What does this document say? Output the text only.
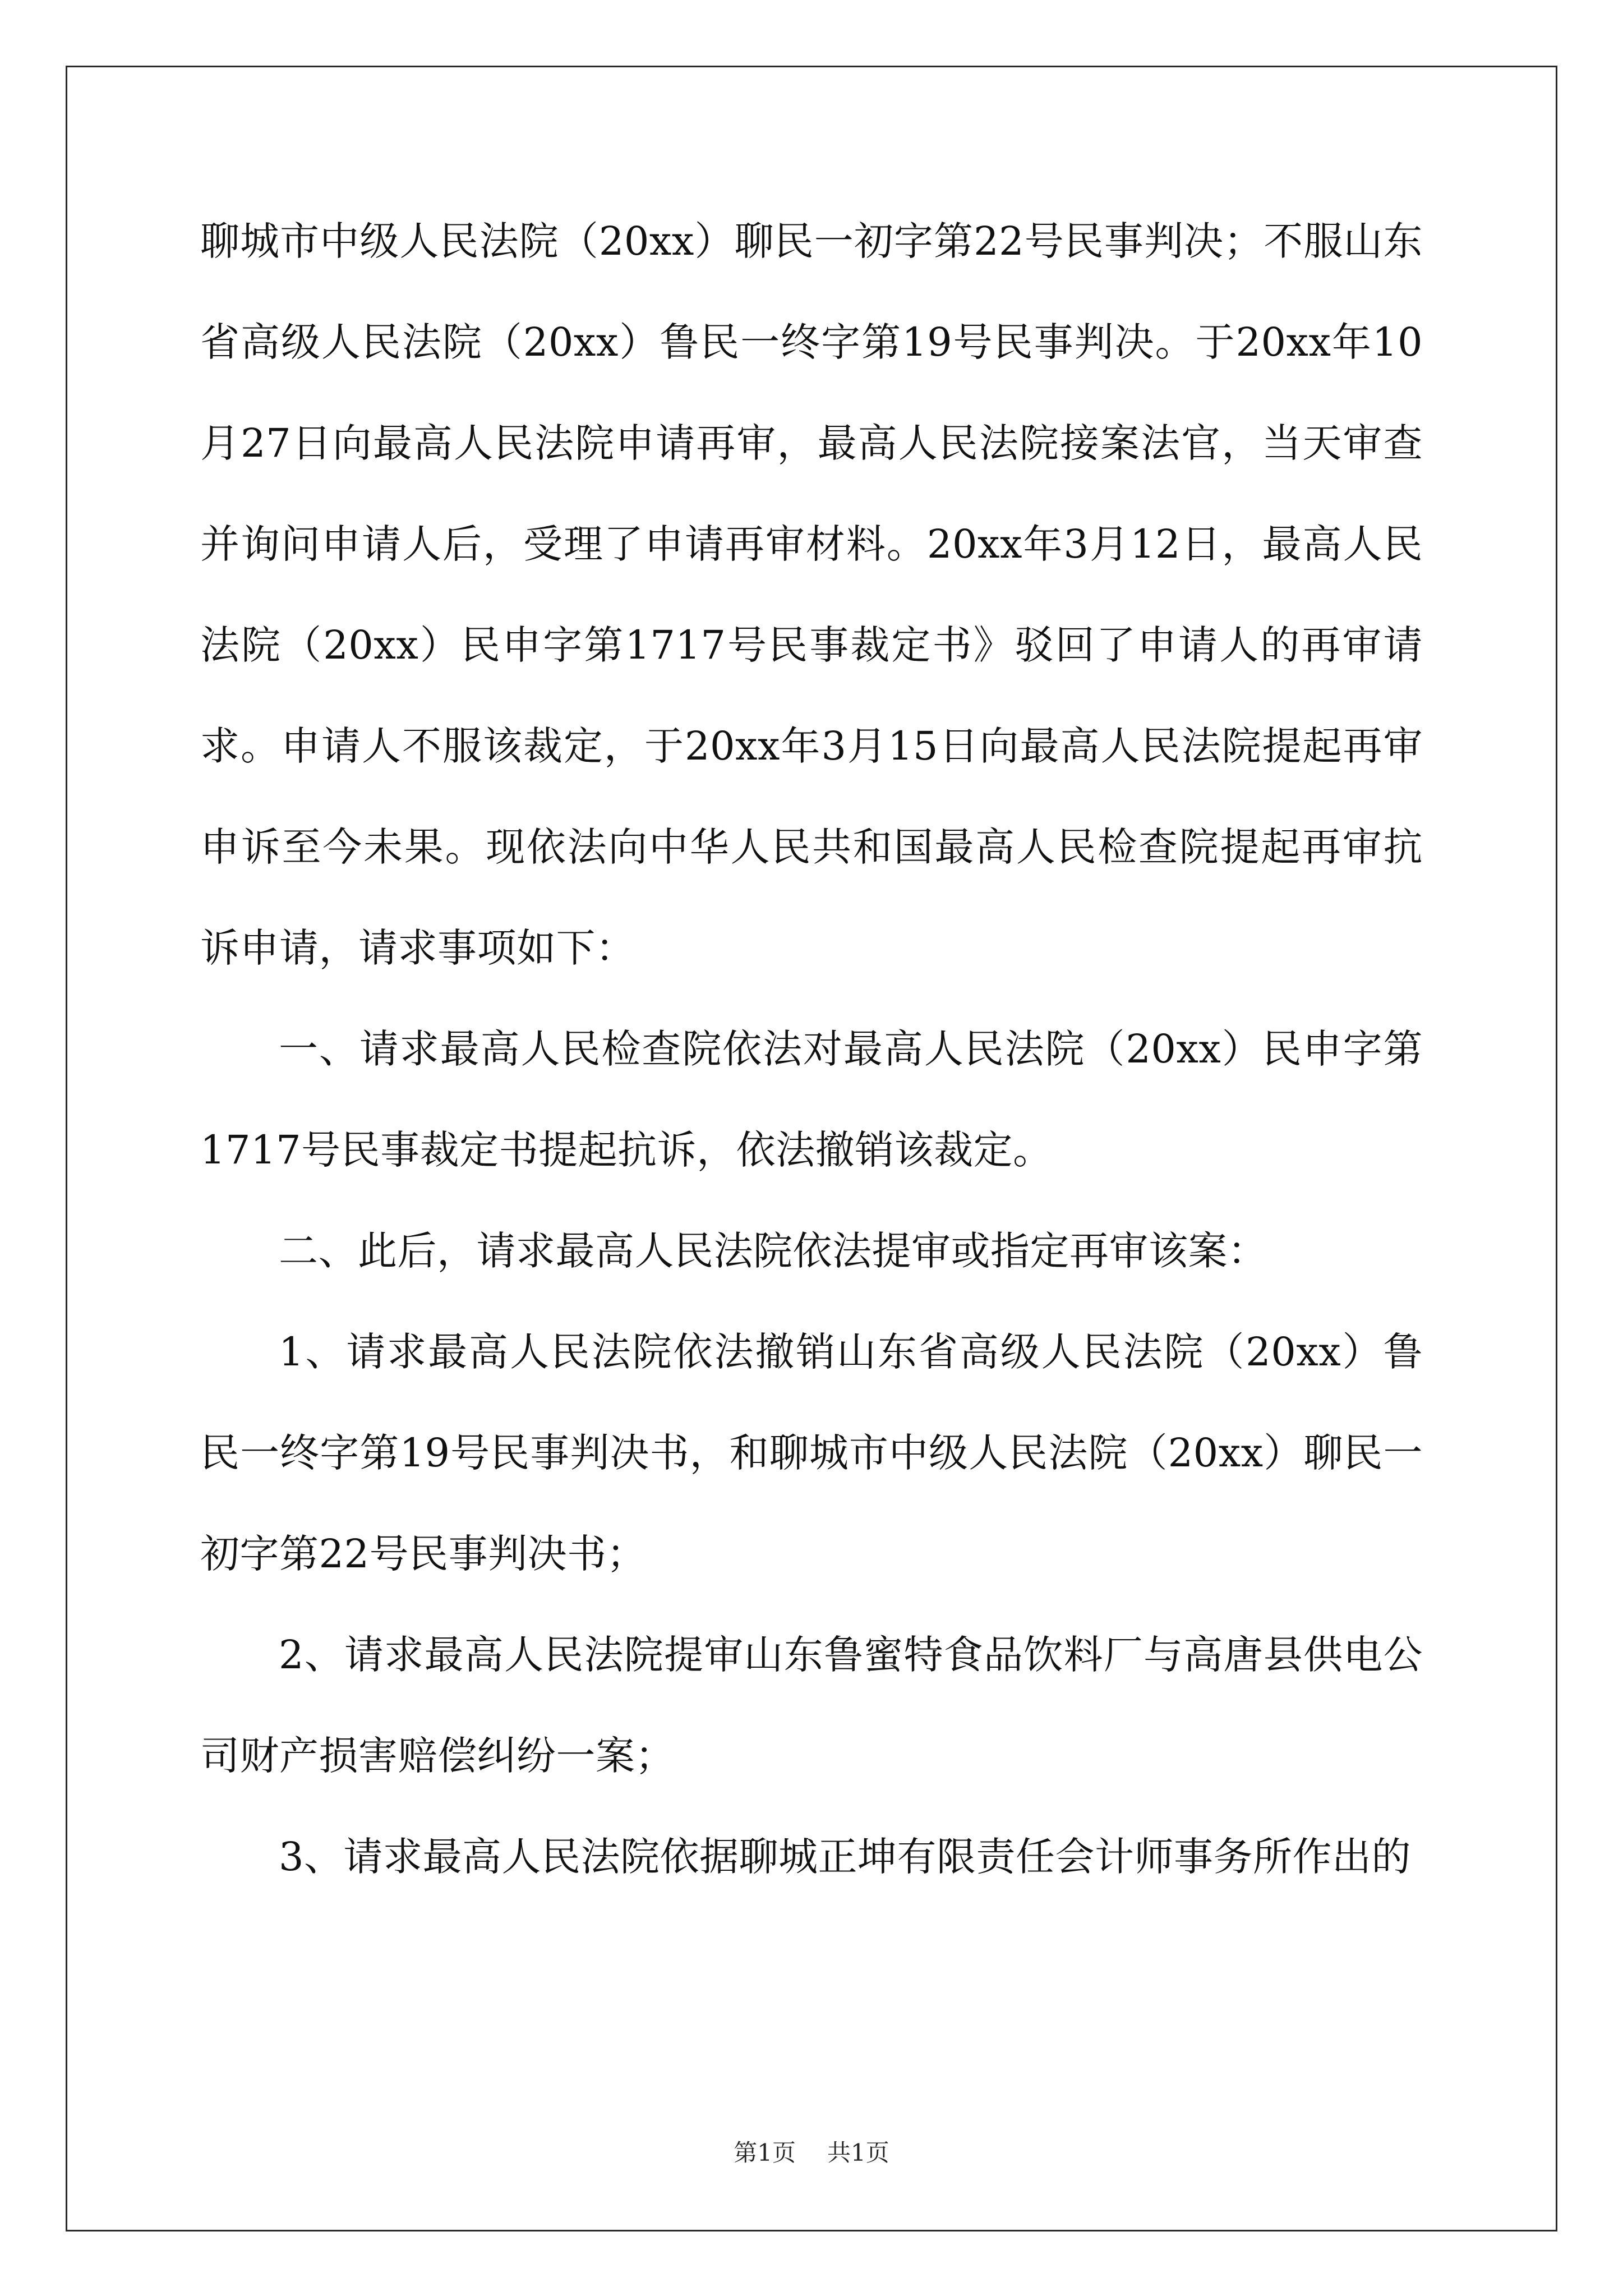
聊城市中级人民法院（20xx）聊民一初字第22号民事判决；不服山东省高级人民法院（20xx）鲁民一终字第19号民事判决。于20xx年10月27日向最高人民法院申请再审，最高人民法院接案法官，当天审查并询问申请人后，受理了申请再审材料。20xx年3月12日，最高人民法院（20xx）民申字第1717号民事裁定书》驳回了申请人的再审请求。申请人不服该裁定，于20xx年3月15日向最高人民法院提起再审申诉至今未果。现依法向中华人民共和国最高人民检查院提起再审抗诉申请，请求事项如下：

一、请求最高人民检查院依法对最高人民法院（20xx）民申字第1717号民事裁定书提起抗诉，依法撤销该裁定。

二、此后，请求最高人民法院依法提审或指定再审该案：

1、请求最高人民法院依法撤销山东省高级人民法院（20xx）鲁民一终字第19号民事判决书，和聊城市中级人民法院（20xx）聊民一初字第22号民事判决书；

2、请求最高人民法院提审山东鲁蜜特食品饮料厂与高唐县供电公司财产损害赔偿纠纷一案；

3、请求最高人民法院依据聊城正坤有限责任会计师事务所作出的

第1页 共1页
